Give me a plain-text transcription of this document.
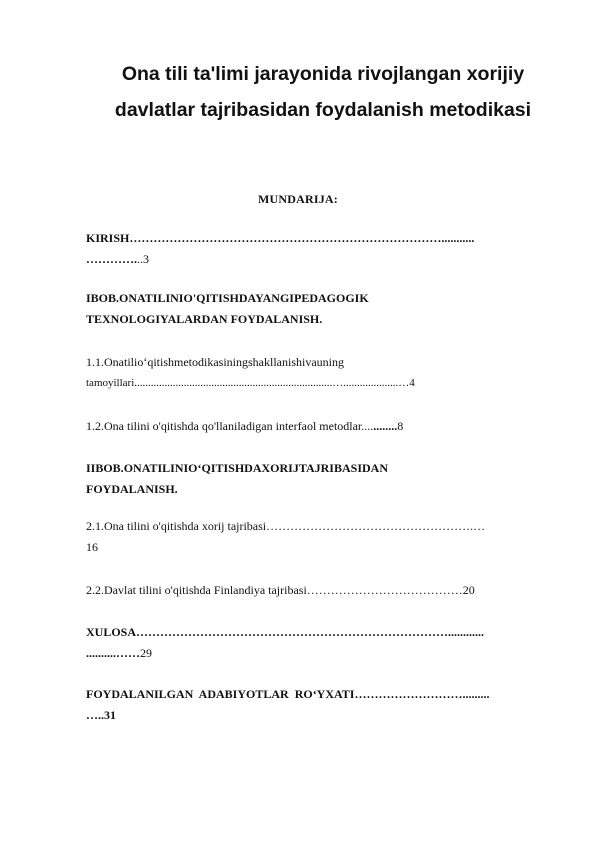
Ona tili ta'limi jarayonida rivojlangan xorijiy
davlatlar tajribasidan foydalanish metodikasi
MUNDARIJA:
KIRISH……………………………………………………………………...........
…………...3
IBOB.ONATILINIO'QITISHDAYANGIPEDAGOGIK
TEXNOLOGIYALARDAN FOYDALANISH.
1.1.Onatilio‘qitishmetodikasiningshakllanishivauning
tamoyillari........................................................................…....................…4
1.2.Ona tilini o'qitishda qo'llaniladigan interfaol metodlar............8
IIBOB.ONATILINIO‘QITISHDAXORIJTAJRIBASIDAN
FOYDALANISH.
2.1.Ona tilini o'qitishda xorij tajribasi…………………………………………….…
16
2.2.Davlat tilini o'qitishda Finlandiya tajribasi…………………………………20
XULOSA……………………………………………………………………............
..........……29
FOYDALANILGAN  ADABIYOTLAR  RO‘YXATI……………………….........
…..31
